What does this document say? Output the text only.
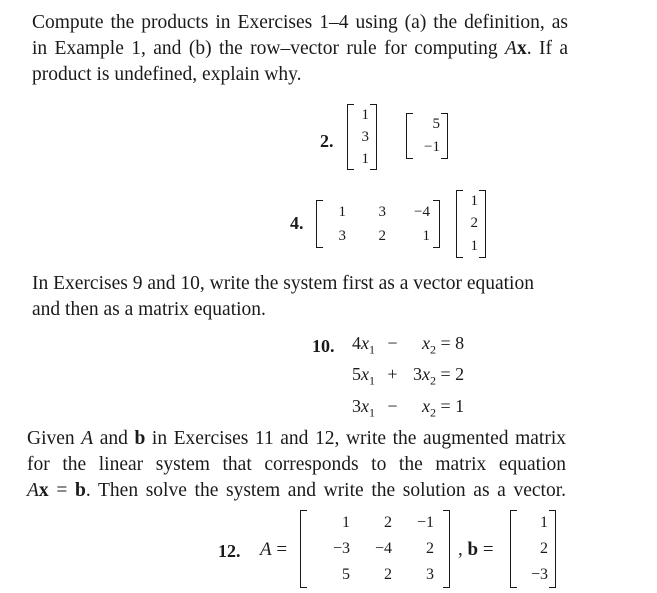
Compute the products in Exercises 1–4 using (a) the definition, as
in Example 1, and (b) the row–vector rule for computing Ax. If a
product is undefined, explain why.
2.
1
3
1
5
−1
4.
1	3	−4
3	2	1
1
2
1
In Exercises 9 and 10, write the system first as a vector equation
and then as a matrix equation.
10. $4x_1 - x_2 = 8$
$5x_1 + 3x_2 = 2$
$3x_1 - x_2 = 1$
Given A and b in Exercises 11 and 12, write the augmented matrix
for the linear system that corresponds to the matrix equation
Ax = b. Then solve the system and write the solution as a vector.
12. A =
1	2	−1
−3	−4	2
5	2	3
, b =
1
2
−3
